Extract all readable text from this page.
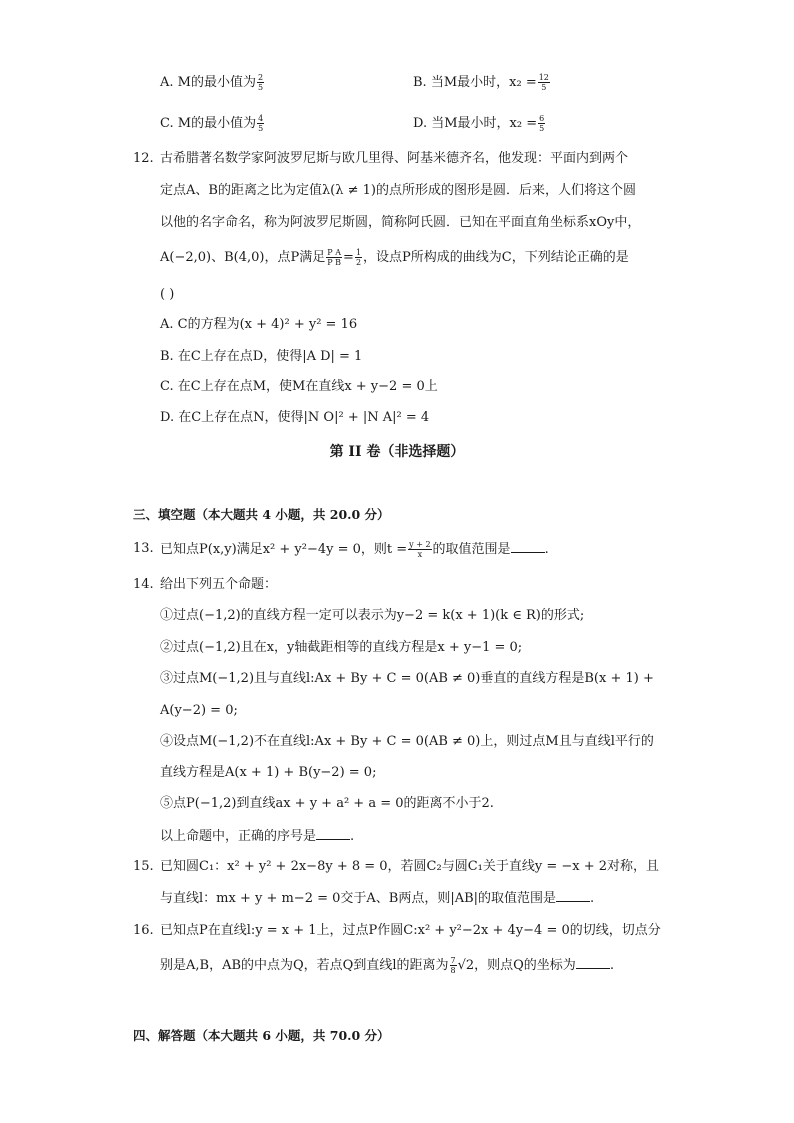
A. M的最小值为 $\frac{2}{5}$	B. 当M最小时，$x_2 = \frac{12}{5}$
C. M的最小值为 $\frac{4}{5}$	D. 当M最小时，$x_2 = \frac{6}{5}$
12. 古希腊著名数学家阿波罗尼斯与欧几里得、阿基米德齐名，他发现：平面内到两个
定点A、B的距离之比为定值λ(λ ≠ 1)的点所形成的图形是圆．后来，人们将这个圆
以他的名字命名，称为阿波罗尼斯圆，简称阿氏圆．已知在平面直角坐标系xOy中，
A(−2,0)、B(4,0)，点P满足 $\frac{\text{P A}}{\text{P B}} = \frac{1}{2}$ ，设点P所构成的曲线为C，下列结论正确的是
( )
A. C的方程为(x + 4)² + y² = 16
B. 在C上存在点D，使得|A D| = 1
C. 在C上存在点M，使M在直线x + y−2 = 0上
D. 在C上存在点N，使得|N O|² + |N A|² = 4
第 II 卷（非选择题）
三、填空题（本大题共 4 小题，共 20.0 分）
13. 已知点P(x,y)满足x² + y²−4y = 0，则$t = \frac{y + 2}{x}$ 的取值范围是	.
14. 给出下列五个命题：
①过点(−1,2)的直线方程一定可以表示为y−2 = k(x + 1)(k ∈ R)的形式;
②过点(−1,2)且在x，y轴截距相等的直线方程是x + y−1 = 0;
③过点M(−1,2)且与直线l:Ax + By + C = 0(AB ≠ 0)垂直的直线方程是B(x + 1) +
A(y−2) = 0;
④设点M(−1,2)不在直线l:Ax + By + C = 0(AB ≠ 0)上，则过点M且与直线l平行的
直线方程是A(x + 1) + B(y−2) = 0;
⑤点P(−1,2)到直线ax + y + a² + a = 0的距离不小于2.
以上命题中，正确的序号是	.
15. 已知圆C₁：x² + y² + 2x−8y + 8 = 0，若圆C₂与圆C₁关于直线y = −x + 2对称，且
与直线l：mx + y + m−2 = 0交于A、B两点，则|AB|的取值范围是	.
16. 已知点P在直线l:y = x + 1上，过点P作圆C:x² + y²−2x + 4y−4 = 0的切线，切点分
别是A,B，AB的中点为Q，若点Q到直线l的距离为 $\frac{7}{8} √2$，则点Q的坐标为	.
四、解答题（本大题共 6 小题，共 70.0 分）
